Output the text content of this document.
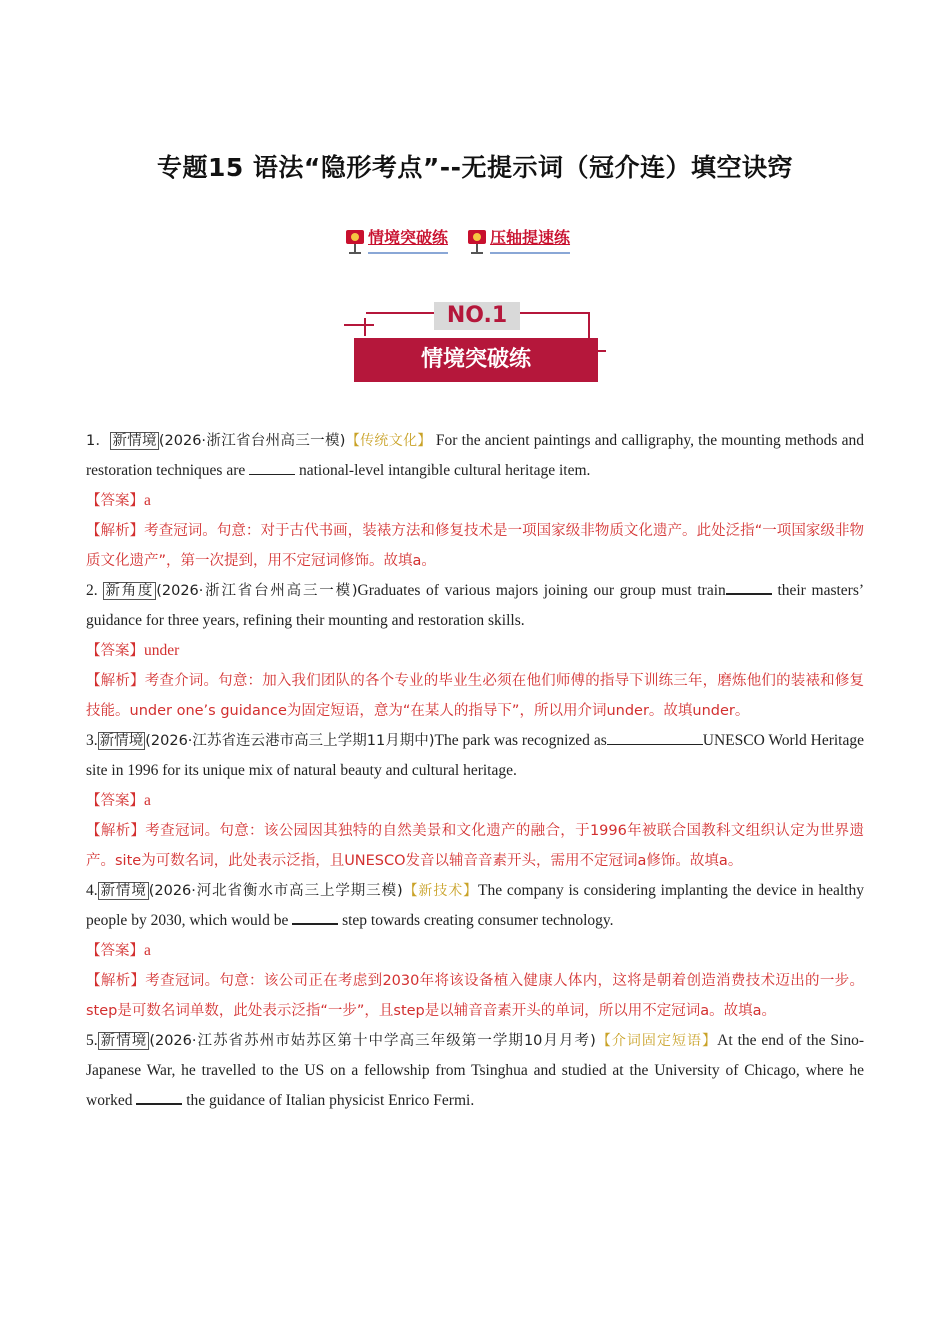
专题15 语法“隐形考点”--无提示词（冠介连）填空诀窍
情境突破练	压轴提速练
NO.1
情境突破练

1． 新情境 (2026·浙江省台州高三一模)【传统文化】 For the ancient paintings and calligraphy, the mounting methods and restoration techniques are	national-level intangible cultural heritage item.

【答案】a

【解析】考查冠词。句意：对于古代书画，装裱方法和修复技术是一项国家级非物质文化遗产。此处泛指“一项国家级非物质文化遗产”，第一次提到，用不定冠词修饰。故填a。

2. 新角度 (2026·浙江省台州高三一模)Graduates of various majors joining our group must train	their masters’ guidance for three years, refining their mounting and restoration skills.

【答案】under

【解析】考查介词。句意：加入我们团队的各个专业的毕业生必须在他们师傅的指导下训练三年，磨炼他们的装裱和修复技能。under one’s guidance为固定短语，意为“在某人的指导下”，所以用介词under。故填under。

3. 新情境 (2026·江苏省连云港市高三上学期11月期中)The park was recognized as	UNESCO World Heritage site in 1996 for its unique mix of natural beauty and cultural heritage.

【答案】a

【解析】考查冠词。句意：该公园因其独特的自然美景和文化遗产的融合，于1996年被联合国教科文组织认定为世界遗产。site为可数名词，此处表示泛指，且UNESCO发音以辅音音素开头，需用不定冠词a修饰。故填a。

4. 新情境 (2026·河北省衡水市高三上学期三模)【新技术】The company is considering implanting the device in healthy people by 2030, which would be	step towards creating consumer technology.

【答案】a

【解析】考查冠词。句意：该公司正在考虑到2030年将该设备植入健康人体内，这将是朝着创造消费技术迈出的一步。step是可数名词单数，此处表示泛指“一步”，且step是以辅音音素开头的单词，所以用不定冠词a。故填a。

5. 新情境 (2026·江苏省苏州市姑苏区第十中学高三年级第一学期10月月考)【介词固定短语】At the end of the Sino-Japanese War, he travelled to the US on a fellowship from Tsinghua and studied at the University of Chicago, where he worked	the guidance of Italian physicist Enrico Fermi.
